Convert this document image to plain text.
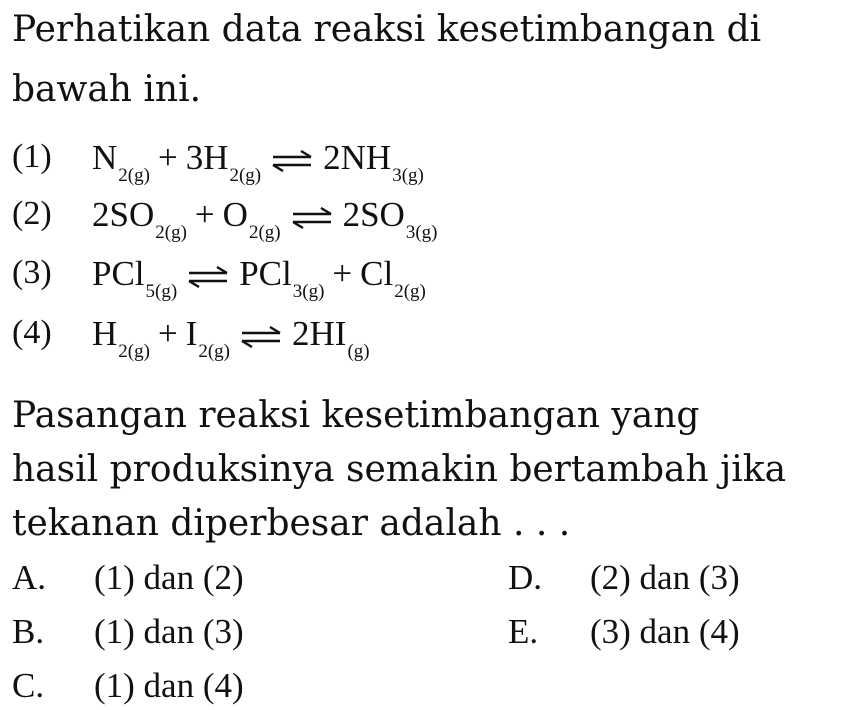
Perhatikan data reaksi kesetimbangan di
bawah ini.
(1) $N_{2(g)} + 3H_{2(g)}$ ⇌ $2NH_{3(g)}$
(2) $2SO_{2(g)} + O_{2(g)}$ ⇌ $2SO_{3(g)}$
(3) PCl$_{5(g)}$ ⇌ $PCl_{3(g)} + Cl_{2(g)}$
(4) $H_{2(g)} + I_{2(g)}$ ⇌ $2HI_{(g)}$
Pasangan reaksi kesetimbangan yang
hasil produksinya semakin bertambah jika
tekanan diperbesar adalah . . .
A. (1) dan (2)
B. (1) dan (3)
C. (1) dan (4)
D. (2) dan (3)
E. (3) dan (4)
